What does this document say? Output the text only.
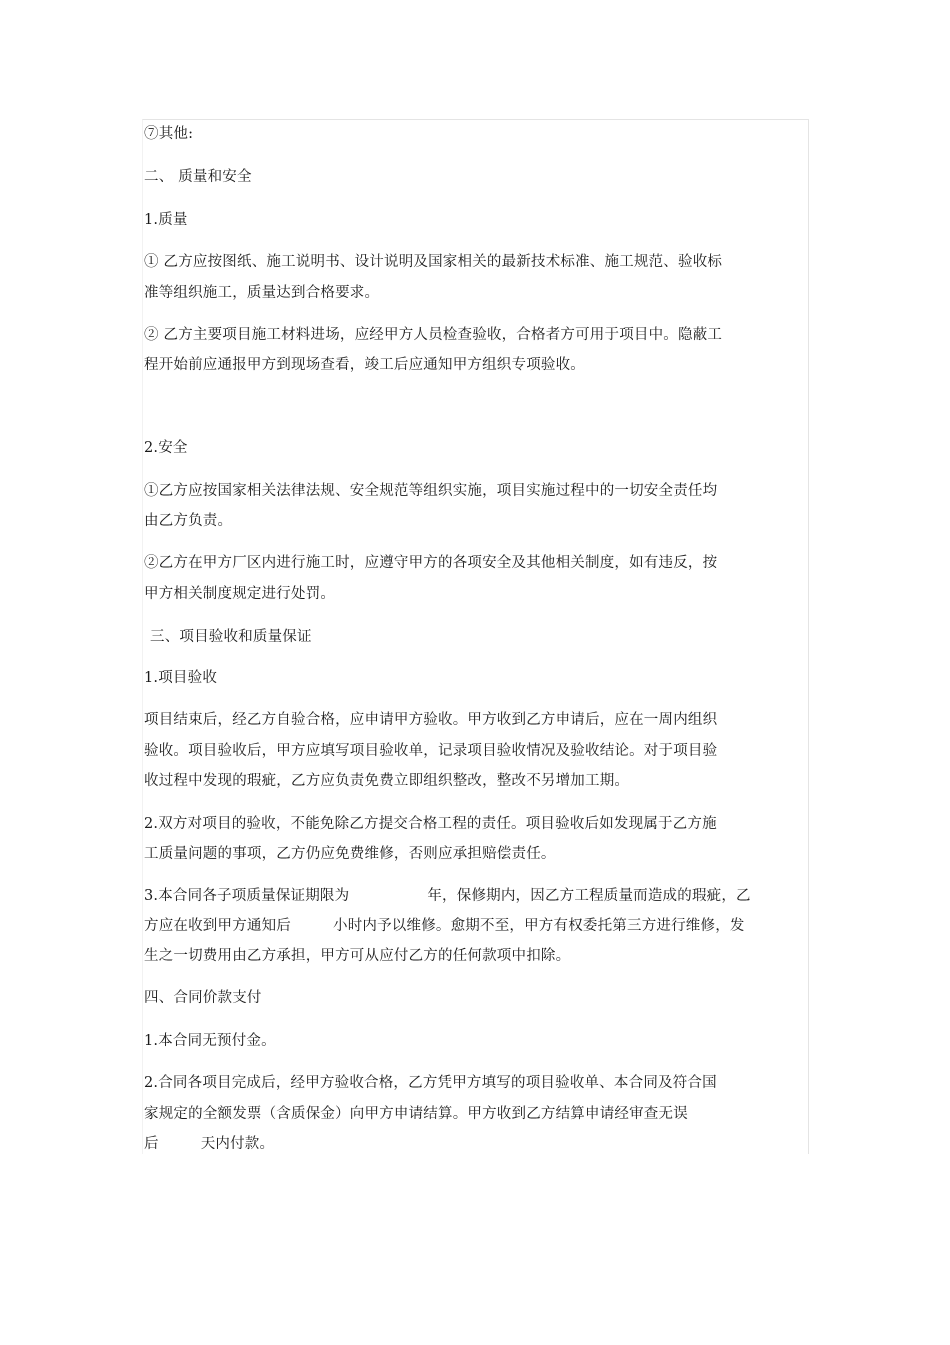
⑦其他:
二、 质量和安全
1.质量
① 乙方应按图纸、施工说明书、设计说明及国家相关的最新技术标准、施工规范、验收标
准等组织施工，质量达到合格要求。
② 乙方主要项目施工材料进场，应经甲方人员检查验收，合格者方可用于项目中。隐蔽工
程开始前应通报甲方到现场查看，竣工后应通知甲方组织专项验收。
2.安全
①乙方应按国家相关法律法规、安全规范等组织实施，项目实施过程中的一切安全责任均
由乙方负责。
②乙方在甲方厂区内进行施工时，应遵守甲方的各项安全及其他相关制度，如有违反，按
甲方相关制度规定进行处罚。
三、项目验收和质量保证
1.项目验收
项目结束后，经乙方自验合格，应申请甲方验收。甲方收到乙方申请后，应在一周内组织
验收。项目验收后，甲方应填写项目验收单，记录项目验收情况及验收结论。对于项目验
收过程中发现的瑕疵，乙方应负责免费立即组织整改，整改不另增加工期。
2.双方对项目的验收，不能免除乙方提交合格工程的责任。项目验收后如发现属于乙方施
工质量问题的事项，乙方仍应免费维修，否则应承担赔偿责任。
3.本合同各子项质量保证期限为	年，保修期内，因乙方工程质量而造成的瑕疵，乙
方应在收到甲方通知后	小时内予以维修。愈期不至，甲方有权委托第三方进行维修，发
生之一切费用由乙方承担，甲方可从应付乙方的任何款项中扣除。
四、合同价款支付
1.本合同无预付金。
2.合同各项目完成后，经甲方验收合格，乙方凭甲方填写的项目验收单、本合同及符合国
家规定的全额发票（含质保金）向甲方申请结算。甲方收到乙方结算申请经审查无误
后	天内付款。
